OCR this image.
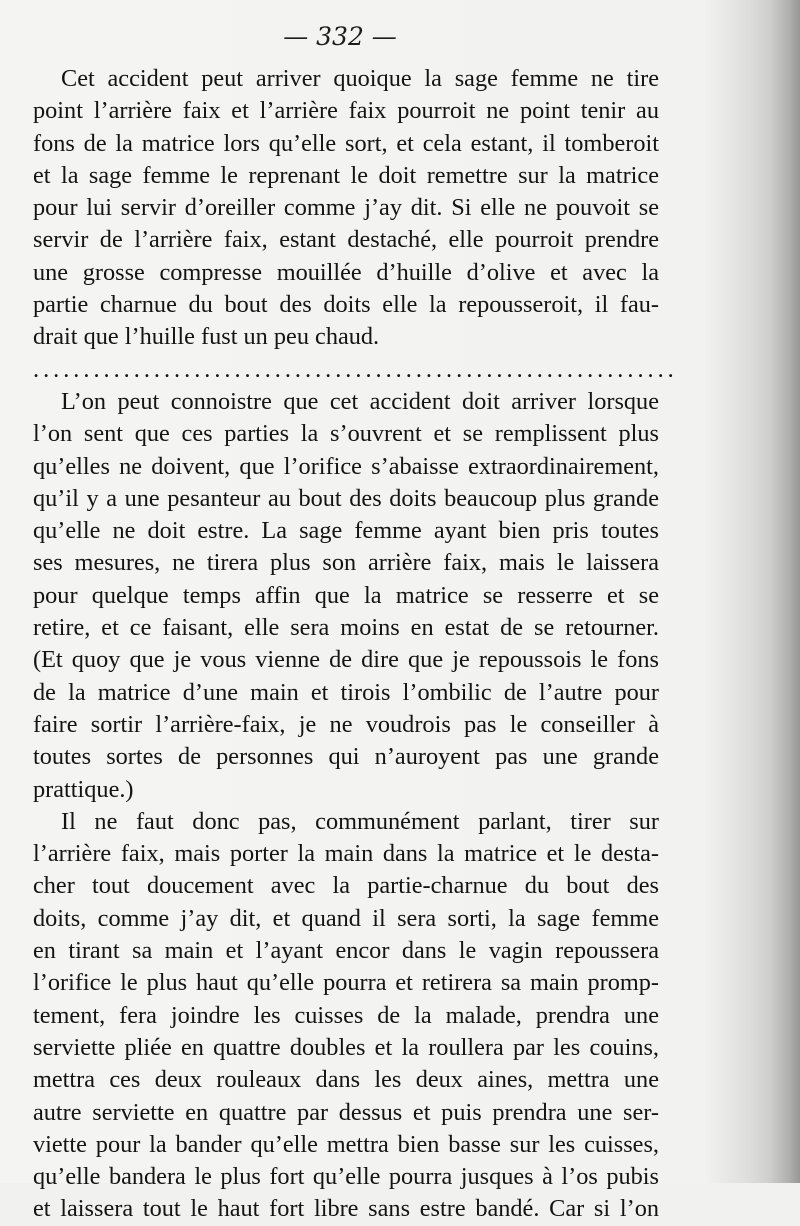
— 332 —
Cet accident peut arriver quoique la sage femme ne tire
point l’arrière faix et l’arrière faix pourroit ne point tenir au
fons de la matrice lors qu’elle sort, et cela estant, il tomberoit
et la sage femme le reprenant le doit remettre sur la matrice
pour lui servir d’oreiller comme j’ay dit. Si elle ne pouvoit se
servir de l’arrière faix, estant destaché, elle pourroit prendre
une grosse compresse mouillée d’huille d’olive et avec la
partie charnue du bout des doits elle la repousseroit, il fau-
drait que l’huille fust un peu chaud.
................................................................
L’on peut connoistre que cet accident doit arriver lorsque
l’on sent que ces parties la s’ouvrent et se remplissent plus
qu’elles ne doivent, que l’orifice s’abaisse extraordinairement,
qu’il y a une pesanteur au bout des doits beaucoup plus grande
qu’elle ne doit estre. La sage femme ayant bien pris toutes
ses mesures, ne tirera plus son arrière faix, mais le laissera
pour quelque temps affin que la matrice se resserre et se
retire, et ce faisant, elle sera moins en estat de se retourner.
(Et quoy que je vous vienne de dire que je repoussois le fons
de la matrice d’une main et tirois l’ombilic de l’autre pour
faire sortir l’arrière-faix, je ne voudrois pas le conseiller à
toutes sortes de personnes qui n’auroyent pas une grande
prattique.)
Il ne faut donc pas, communément parlant, tirer sur
l’arrière faix, mais porter la main dans la matrice et le desta-
cher tout doucement avec la partie-charnue du bout des
doits, comme j’ay dit, et quand il sera sorti, la sage femme
en tirant sa main et l’ayant encor dans le vagin repoussera
l’orifice le plus haut qu’elle pourra et retirera sa main promp-
tement, fera joindre les cuisses de la malade, prendra une
serviette pliée en quattre doubles et la roullera par les couins,
mettra ces deux rouleaux dans les deux aines, mettra une
autre serviette en quattre par dessus et puis prendra une ser-
viette pour la bander qu’elle mettra bien basse sur les cuisses,
qu’elle bandera le plus fort qu’elle pourra jusques à l’os pubis
et laissera tout le haut fort libre sans estre bandé. Car si l’on
